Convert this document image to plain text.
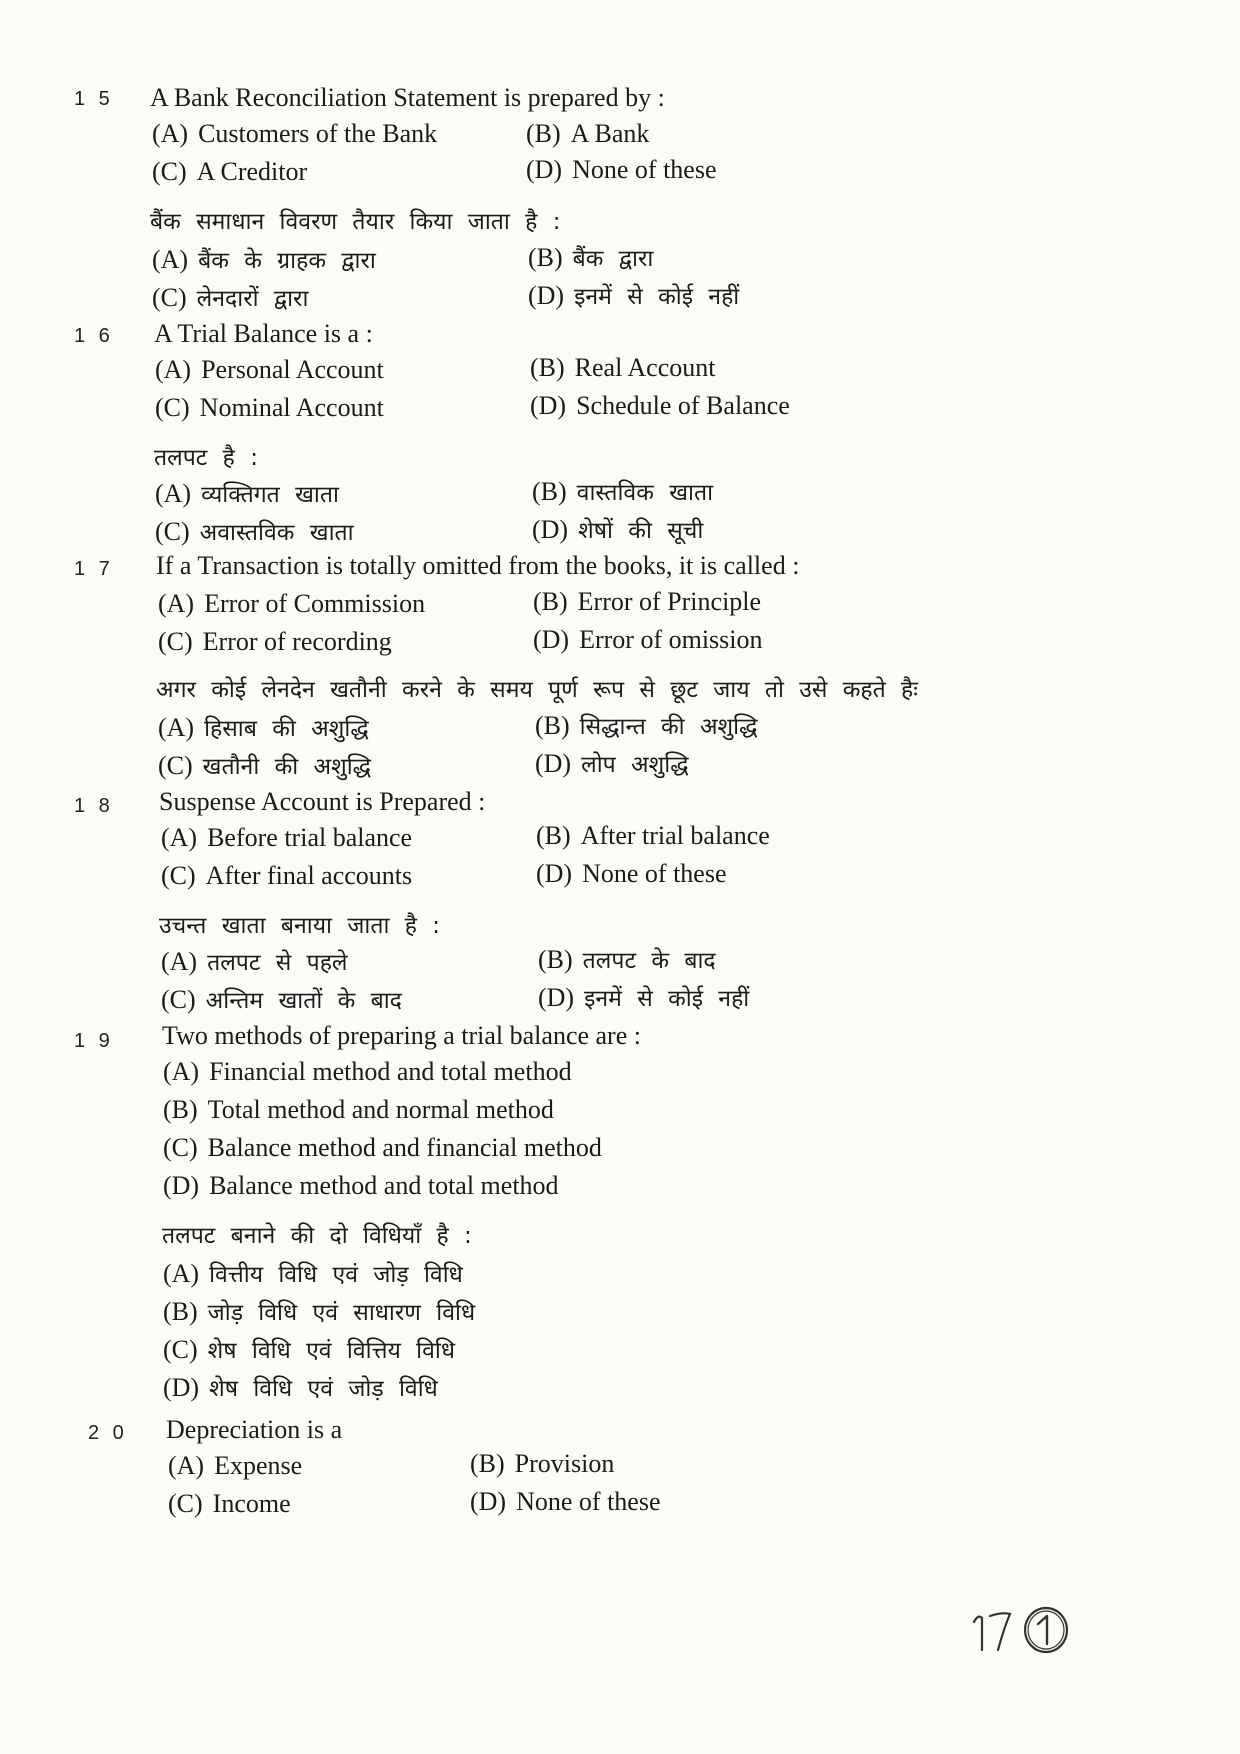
1 5 A Bank Reconciliation Statement is prepared by :
(A) Customers of the Bank	(B) A Bank
(C) A Creditor	(D) None of these
बैंक समाधान विवरण तैयार किया जाता है :
(A) बैंक के ग्राहक द्वारा	(B) बैंक द्वारा
(C) लेनदारों द्वारा	(D) इनमें से कोई नहीं
1 6 A Trial Balance is a :
(A) Personal Account	(B) Real Account
(C) Nominal Account	(D) Schedule of Balance
तलपट है :
(A) व्यक्तिगत खाता	(B) वास्तविक खाता
(C) अवास्तविक खाता	(D) शेषों की सूची
1 7 If a Transaction is totally omitted from the books, it is called :
(A) Error of Commission	(B) Error of Principle
(C) Error of recording	(D) Error of omission
अगर कोई लेनदेन खतौनी करने के समय पूर्ण रूप से छूट जाय तो उसे कहते हैः
(A) हिसाब की अशुद्धि	(B) सिद्धान्त की अशुद्धि
(C) खतौनी की अशुद्धि	(D) लोप अशुद्धि
1 8 Suspense Account is Prepared :
(A) Before trial balance	(B) After trial balance
(C) After final accounts	(D) None of these
उचन्त खाता बनाया जाता है :
(A) तलपट से पहले	(B) तलपट के बाद
(C) अन्तिम खातों के बाद	(D) इनमें से कोई नहीं
1 9 Two methods of preparing a trial balance are :
(A) Financial method and total method
(B) Total method and normal method
(C) Balance method and financial method
(D) Balance method and total method
तलपट बनाने की दो विधियाँ है :
(A) वित्तीय विधि एवं जोड़ विधि
(B) जोड़ विधि एवं साधारण विधि
(C) शेष विधि एवं वित्तिय विधि
(D) शेष विधि एवं जोड़ विधि
2 0 Depreciation is a
(A) Expense	(B) Provision
(C) Income	(D) None of these
